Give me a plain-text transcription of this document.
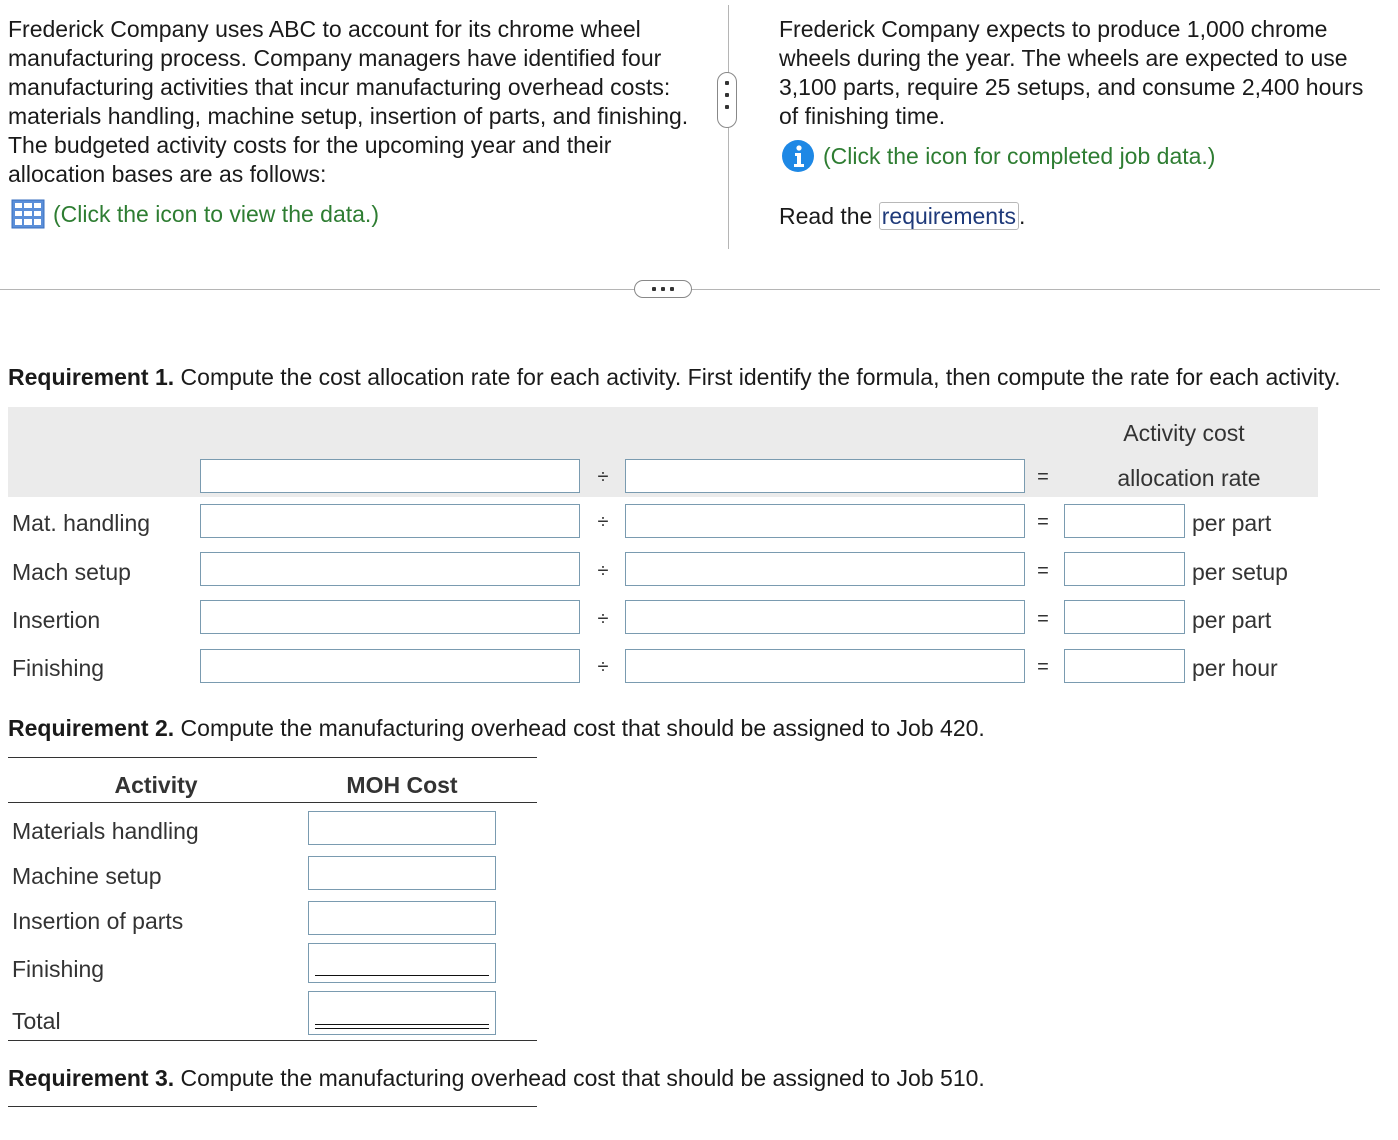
Frederick Company uses ABC to account for its chrome wheel manufacturing process. Company managers have identified four manufacturing activities that incur manufacturing overhead costs: materials handling, machine setup, insertion of parts, and finishing. The budgeted activity costs for the upcoming year and their allocation bases are as follows:

(Click the icon to view the data.)

Frederick Company expects to produce 1,000 chrome wheels during the year. The wheels are expected to use 3,100 parts, require 25 setups, and consume 2,400 hours of finishing time.

(Click the icon for completed job data.)
Read the requirements .
Requirement 1. Compute the cost allocation rate for each activity. First identify the formula, then compute the rate for each activity.
Activity cost
allocation rate
÷	=
Mat. handling	÷	=	per part
Mach setup	÷	=	per setup
Insertion	÷	=	per part
Finishing	÷	=	per hour
Requirement 2. Compute the manufacturing overhead cost that should be assigned to Job 420.
Activity	MOH Cost
Materials handling
Machine setup
Insertion of parts
Finishing
Total
Requirement 3. Compute the manufacturing overhead cost that should be assigned to Job 510.
